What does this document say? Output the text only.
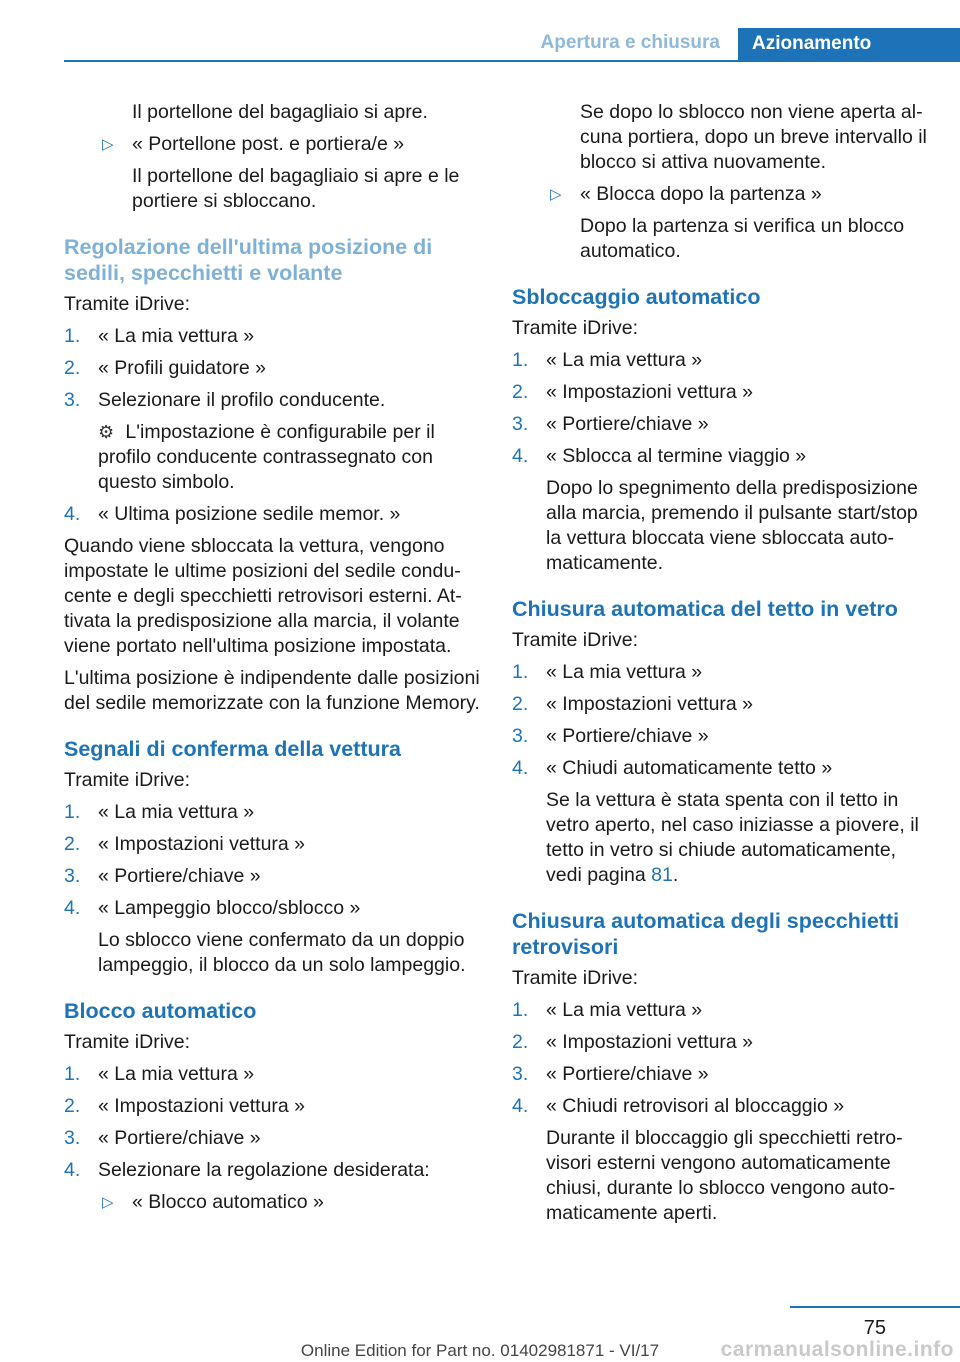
Apertura e chiusura	Azionamento

Il portellone del bagagliaio si apre.

▷ « Portellone post. e portiera/e »

Il portellone del bagagliaio si apre e le portiere si sbloccano.

Regolazione dell'ultima posizione di sedili, specchietti e volante

Tramite iDrive:

1. « La mia vettura »
2. « Profili guidatore »
3. Selezionare il profilo conducente.

⚙ L'impostazione è configurabile per il profilo conducente contrassegnato con questo simbolo.

4. « Ultima posizione sedile memor. »

Quando viene sbloccata la vettura, vengono impostate le ultime posizioni del sedile conducente e degli specchietti retrovisori esterni. Attivata la predisposizione alla marcia, il volante viene portato nell'ultima posizione impostata.

L'ultima posizione è indipendente dalle posizioni del sedile memorizzate con la funzione Memory.

Segnali di conferma della vettura

Tramite iDrive:

1. « La mia vettura »
2. « Impostazioni vettura »
3. « Portiere/chiave »
4. « Lampeggio blocco/sblocco »

Lo sblocco viene confermato da un doppio lampeggio, il blocco da un solo lampeggio.

Blocco automatico

Tramite iDrive:

1. « La mia vettura »
2. « Impostazioni vettura »
3. « Portiere/chiave »
4. Selezionare la regolazione desiderata:
▷ « Blocco automatico »

Se dopo lo sblocco non viene aperta alcuna portiera, dopo un breve intervallo il blocco si attiva nuovamente.

▷ « Blocca dopo la partenza »

Dopo la partenza si verifica un blocco automatico.

Sbloccaggio automatico

Tramite iDrive:

1. « La mia vettura »
2. « Impostazioni vettura »
3. « Portiere/chiave »
4. « Sblocca al termine viaggio »

Dopo lo spegnimento della predisposizione alla marcia, premendo il pulsante start/stop la vettura bloccata viene sbloccata automaticamente.

Chiusura automatica del tetto in vetro

Tramite iDrive:

1. « La mia vettura »
2. « Impostazioni vettura »
3. « Portiere/chiave »
4. « Chiudi automaticamente tetto »

Se la vettura è stata spenta con il tetto in vetro aperto, nel caso iniziasse a piovere, il tetto in vetro si chiude automaticamente, vedi pagina 81.

Chiusura automatica degli specchietti retrovisori

Tramite iDrive:

1. « La mia vettura »
2. « Impostazioni vettura »
3. « Portiere/chiave »
4. « Chiudi retrovisori al bloccaggio »

Durante il bloccaggio gli specchietti retrovisori esterni vengono automaticamente chiusi, durante lo sblocco vengono automaticamente aperti.

75
Online Edition for Part no. 01402981871 - VI/17	carmanualsonline.info
